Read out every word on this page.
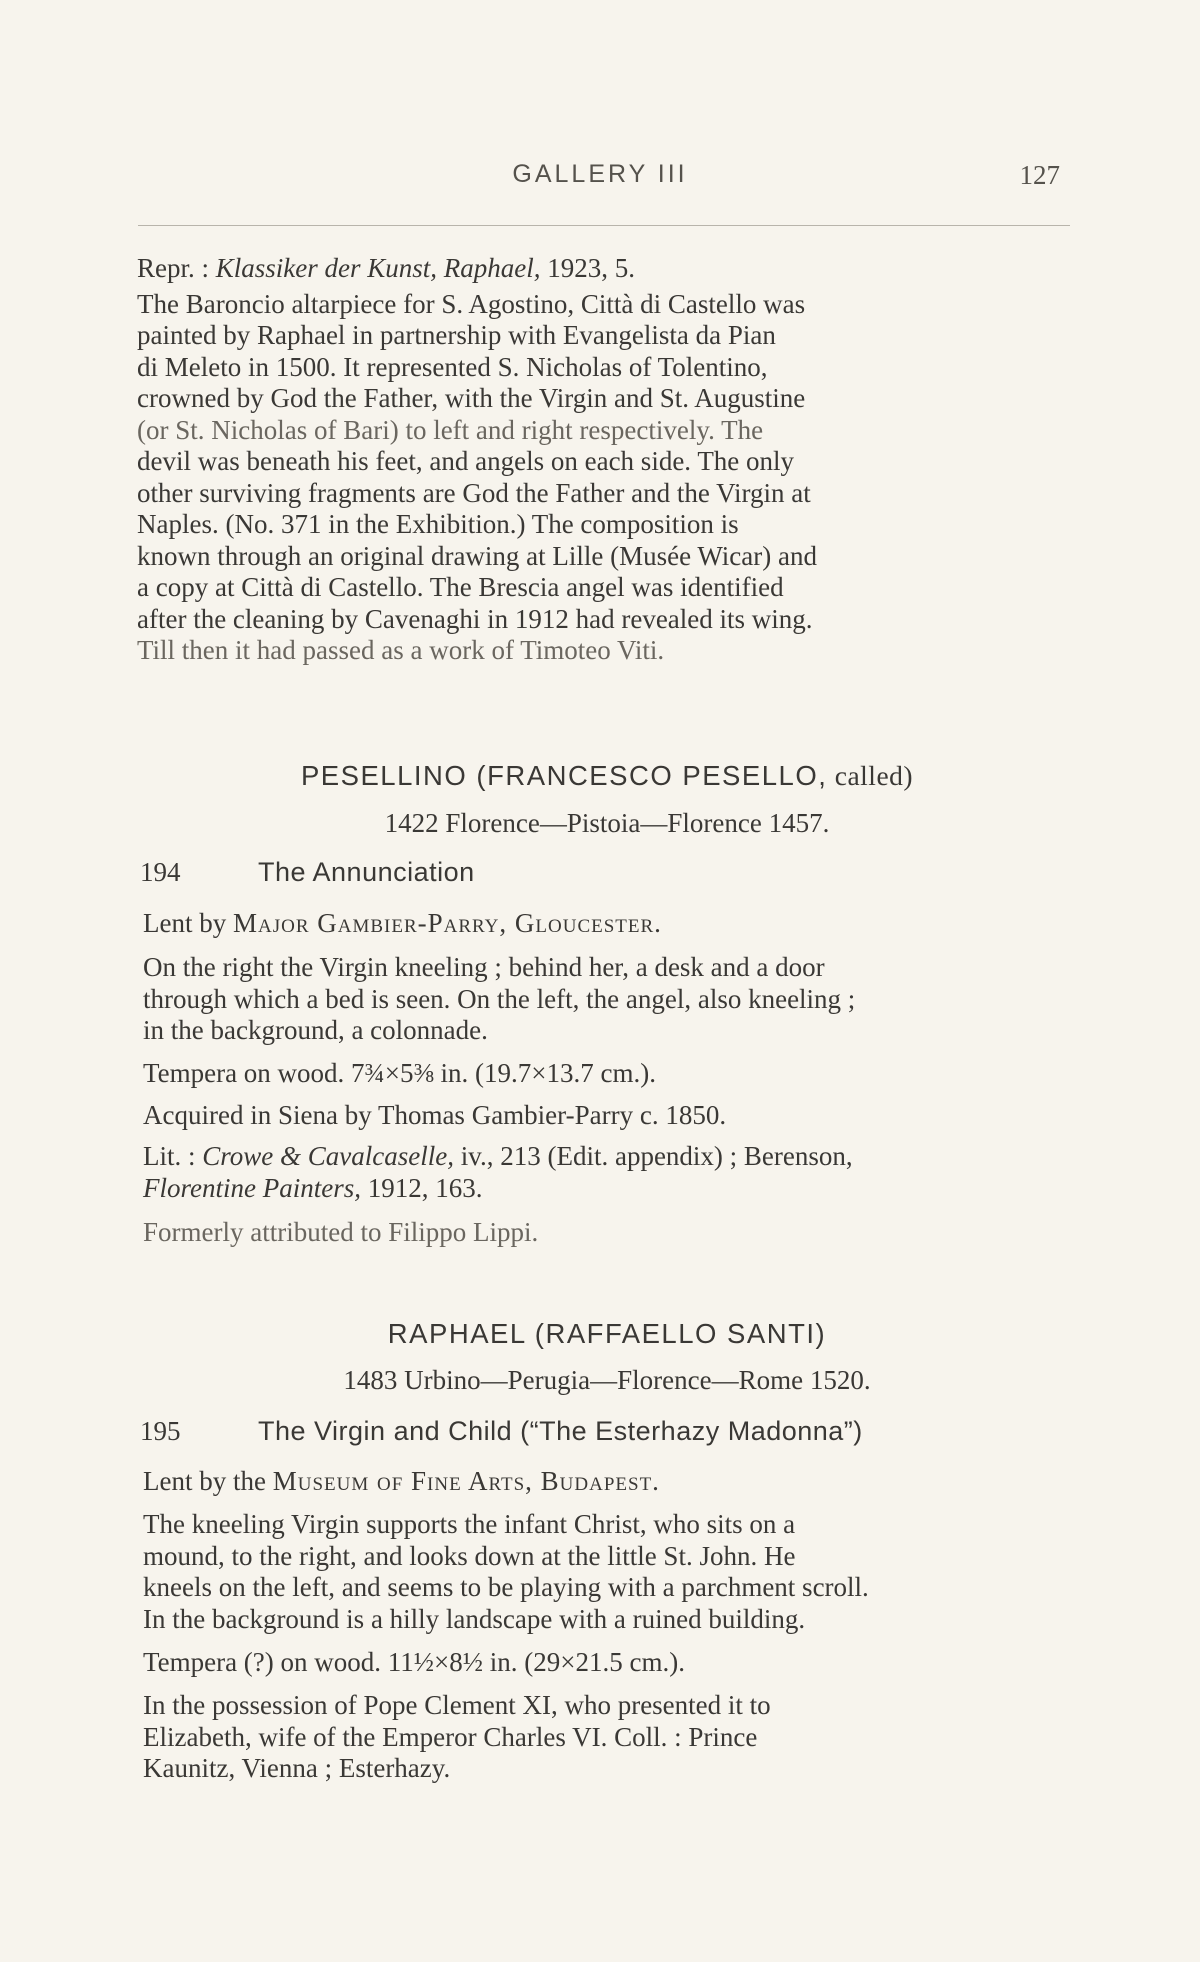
GALLERY III	127
Repr. : Klassiker der Kunst, Raphael, 1923, 5.
The Baroncio altarpiece for S. Agostino, Città di Castello was
painted by Raphael in partnership with Evangelista da Pian
di Meleto in 1500. It represented S. Nicholas of Tolentino,
crowned by God the Father, with the Virgin and St. Augustine
(or St. Nicholas of Bari) to left and right respectively. The
devil was beneath his feet, and angels on each side. The only
other surviving fragments are God the Father and the Virgin at
Naples. (No. 371 in the Exhibition.) The composition is
known through an original drawing at Lille (Musée Wicar) and
a copy at Città di Castello. The Brescia angel was identified
after the cleaning by Cavenaghi in 1912 had revealed its wing.
Till then it had passed as a work of Timoteo Viti.
PESELLINO (FRANCESCO PESELLO, called)
1422 Florence—Pistoia—Florence 1457.
194	The Annunciation
Lent by Major Gambier-Parry, Gloucester.
On the right the Virgin kneeling ; behind her, a desk and a door
through which a bed is seen. On the left, the angel, also kneeling ;
in the background, a colonnade.
Tempera on wood. 7¾×5⅜ in. (19.7×13.7 cm.).
Acquired in Siena by Thomas Gambier-Parry c. 1850.
Lit. : Crowe & Cavalcaselle, iv., 213 (Edit. appendix) ; Berenson,
Florentine Painters, 1912, 163.
Formerly attributed to Filippo Lippi.
RAPHAEL (RAFFAELLO SANTI)
1483 Urbino—Perugia—Florence—Rome 1520.
195	The Virgin and Child (“The Esterhazy Madonna”)
Lent by the Museum of Fine Arts, Budapest.
The kneeling Virgin supports the infant Christ, who sits on a
mound, to the right, and looks down at the little St. John. He
kneels on the left, and seems to be playing with a parchment scroll.
In the background is a hilly landscape with a ruined building.
Tempera (?) on wood. 11½×8½ in. (29×21.5 cm.).
In the possession of Pope Clement XI, who presented it to
Elizabeth, wife of the Emperor Charles VI. Coll. : Prince
Kaunitz, Vienna ; Esterhazy.
